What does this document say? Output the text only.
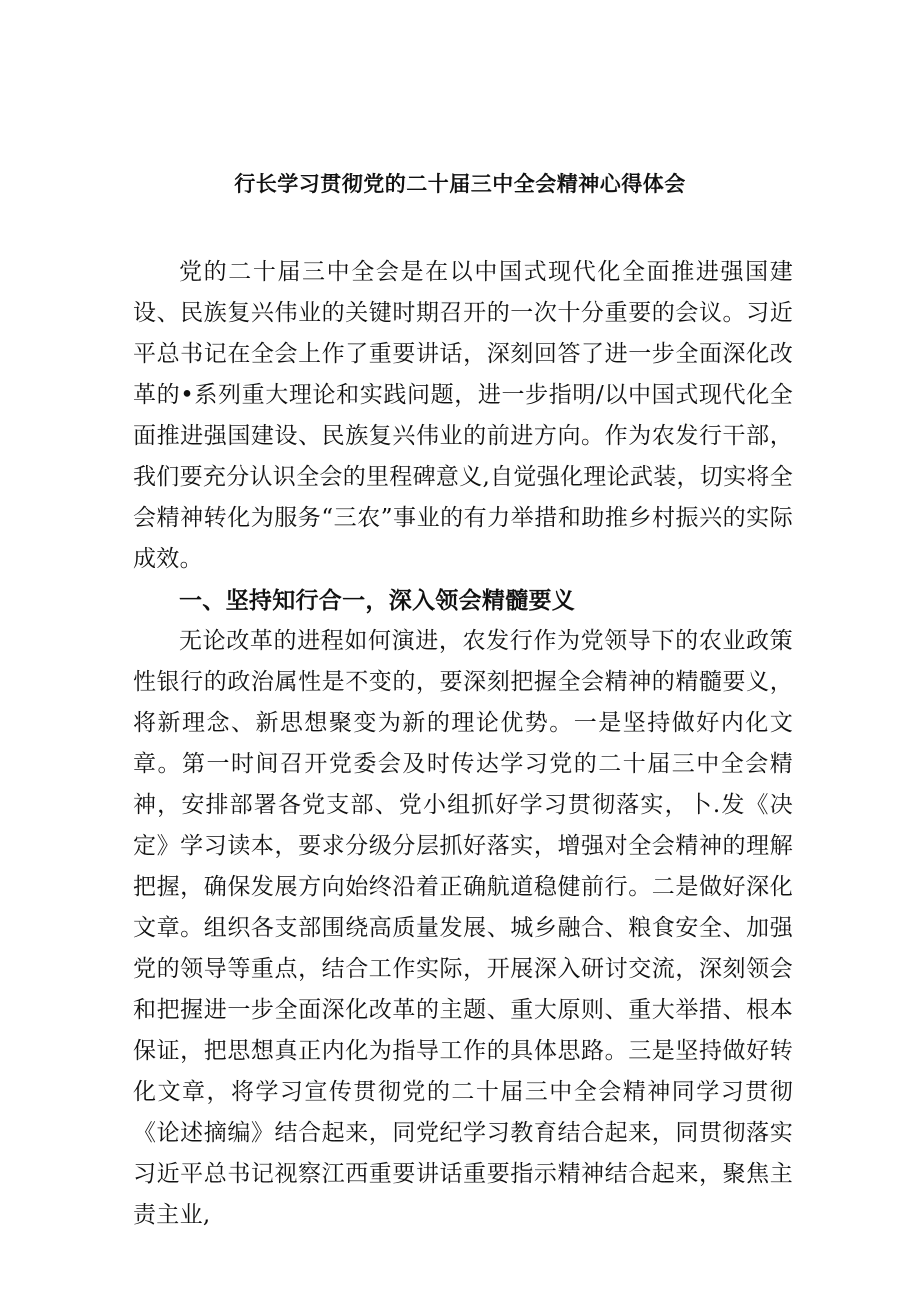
行长学习贯彻党的二十届三中全会精神心得体会

党的二十届三中全会是在以中国式现代化全面推进强国建设、民族复兴伟业的关键时期召开的一次十分重要的会议。习近平总书记在全会上作了重要讲话，深刻回答了进一步全面深化改革的•系列重大理论和实践问题，进一步指明/以中国式现代化全面推进强国建设、民族复兴伟业的前进方向。作为农发行干部，我们要充分认识全会的里程碑意义,自觉强化理论武装，切实将全会精神转化为服务“三农”事业的有力举措和助推乡村振兴的实际成效。

一、坚持知行合一，深入领会精髓要义

无论改革的进程如何演进，农发行作为党领导下的农业政策性银行的政治属性是不变的，要深刻把握全会精神的精髓要义，将新理念、新思想聚变为新的理论优势。一是坚持做好内化文章。第一时间召开党委会及时传达学习党的二十届三中全会精神，安排部署各党支部、党小组抓好学习贯彻落实，卜.发《决定》学习读本，要求分级分层抓好落实，增强对全会精神的理解把握，确保发展方向始终沿着正确航道稳健前行。二是做好深化文章。组织各支部围绕高质量发展、城乡融合、粮食安全、加强党的领导等重点，结合工作实际，开展深入研讨交流，深刻领会和把握进一步全面深化改革的主题、重大原则、重大举措、根本保证，把思想真正内化为指导工作的具体思路。三是坚持做好转化文章，将学习宣传贯彻党的二十届三中全会精神同学习贯彻《论述摘编》结合起来，同党纪学习教育结合起来，同贯彻落实习近平总书记视察江西重要讲话重要指示精神结合起来，聚焦主责主业,
